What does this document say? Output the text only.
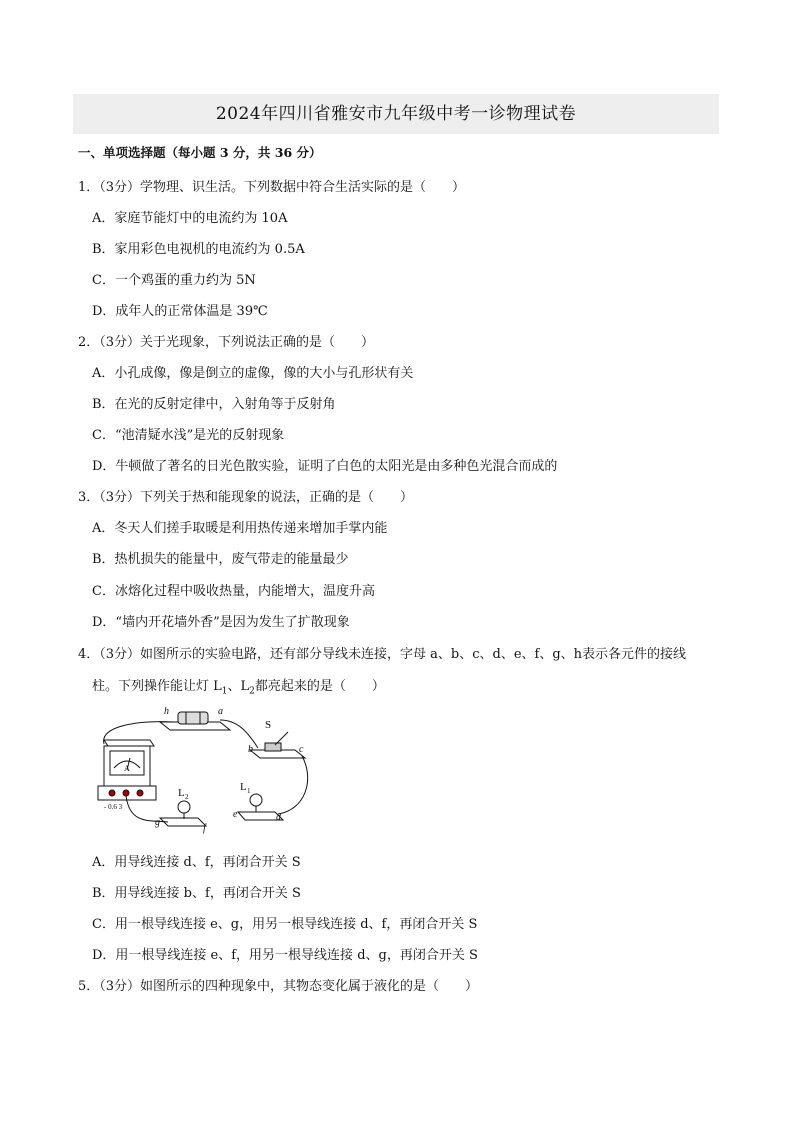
2024年四川省雅安市九年级中考一诊物理试卷
一、单项选择题（每小题 3 分，共 36 分）
1．（3分）学物理、识生活。下列数据中符合生活实际的是（　　）
A．家庭节能灯中的电流约为 10A
B．家用彩色电视机的电流约为 0.5A
C．一个鸡蛋的重力约为 5N
D．成年人的正常体温是 39℃
2．（3分）关于光现象，下列说法正确的是（　　）
A．小孔成像，像是倒立的虚像，像的大小与孔形状有关
B．在光的反射定律中，入射角等于反射角
C．“池清疑水浅”是光的反射现象
D．牛顿做了著名的日光色散实验，证明了白色的太阳光是由多种色光混合而成的
3．（3分）下列关于热和能现象的说法，正确的是（　　）
A．冬天人们搓手取暖是利用热传递来增加手掌内能
B．热机损失的能量中，废气带走的能量最少
C．冰熔化过程中吸收热量，内能增大，温度升高
D．“墙内开花墙外香”是因为发生了扩散现象
4．（3分）如图所示的实验电路，还有部分导线未连接，字母 a、b、c、d、e、f、g、h表示各元件的接线
柱。下列操作能让灯 $L_1$、$L_2$都亮起来的是（　　）
h	a
b	c
e	d
g
f
S
L 1
L 2
A
- 0.6 3
A．用导线连接 d、f，再闭合开关 S
B．用导线连接 b、f，再闭合开关 S
C．用一根导线连接 e、g，用另一根导线连接 d、f，再闭合开关 S
D．用一根导线连接 e、f，用另一根导线连接 d、g，再闭合开关 S
5．（3分）如图所示的四种现象中，其物态变化属于液化的是（　　）
